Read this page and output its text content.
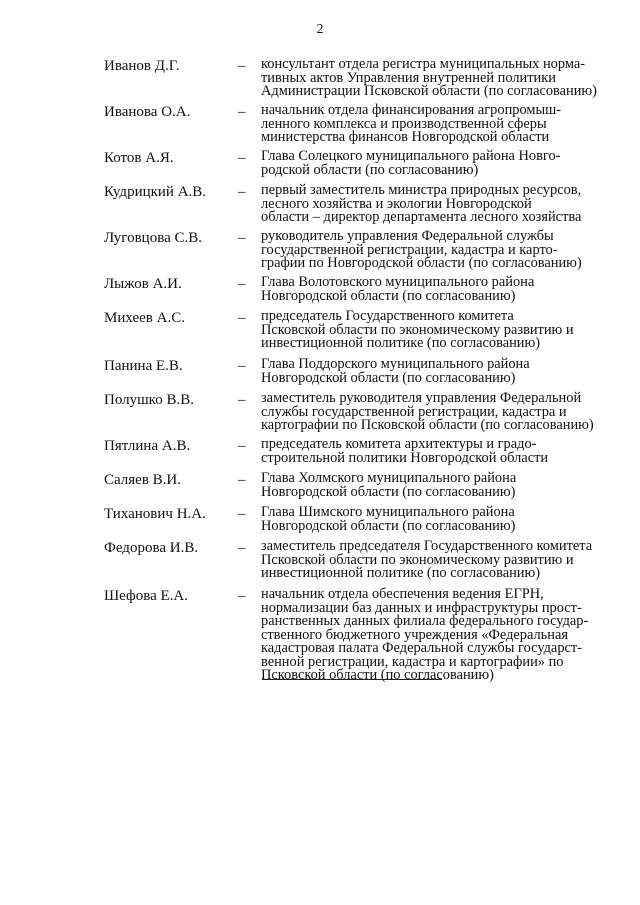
2
Иванов Д.Г.	– консультант отдела регистра муниципальных норма-
тивных актов Управления внутренней политики
Администрации Псковской области (по согласованию)
Иванова О.А.	– начальник отдела финансирования агропромыш-
ленного комплекса и производственной сферы
министерства финансов Новгородской области
Котов А.Я.	– Глава Солецкого муниципального района Новго-
родской области (по согласованию)
Кудрицкий А.В. – первый заместитель министра природных ресурсов,
лесного хозяйства и экологии Новгородской
области – директор департамента лесного хозяйства
Луговцова С.В. – руководитель управления Федеральной службы
государственной регистрации, кадастра и карто-
графии по Новгородской области (по согласованию)
Лыжов А.И.	– Глава Волотовского муниципального района
Новгородской области (по согласованию)
Михеев А.С.	– председатель Государственного комитета
Псковской области по экономическому развитию и
инвестиционной политике (по согласованию)
Панина Е.В.	– Глава Поддорского муниципального района
Новгородской области (по согласованию)
Полушко В.В.	– заместитель руководителя управления Федеральной
службы государственной регистрации, кадастра и
картографии по Псковской области (по согласованию)
Пятлина А.В.	– председатель комитета архитектуры и градо-
строительной политики Новгородской области
Саляев В.И.	– Глава Холмского муниципального района
Новгородской области (по согласованию)
Тиханович Н.А. – Глава Шимского муниципального района
Новгородской области (по согласованию)
Федорова И.В.	– заместитель председателя Государственного комитета
Псковской области по экономическому развитию и
инвестиционной политике (по согласованию)
Шефова Е.А.	– начальник отдела обеспечения ведения ЕГРН,
нормализации баз данных и инфраструктуры прост-
ранственных данных филиала федерального государ-
ственного бюджетного учреждения «Федеральная
кадастровая палата Федеральной службы государст-
венной регистрации, кадастра и картографии» по
Псковской области (по согласованию)
